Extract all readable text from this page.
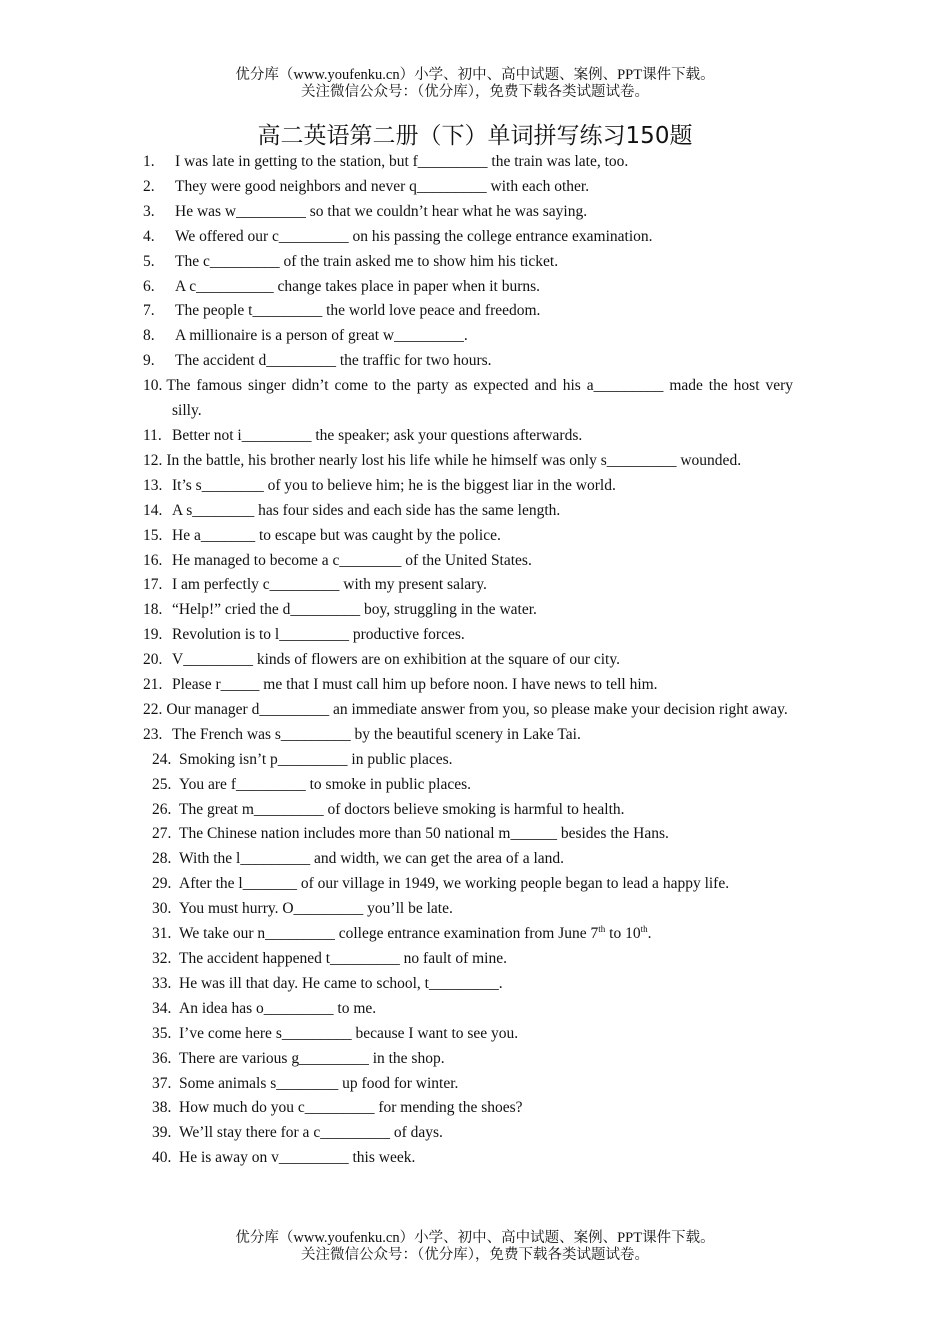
优分库（www.youfenku.cn）小学、初中、高中试题、案例、PPT课件下载。
关注微信公众号：（优分库），免费下载各类试题试卷。
高二英语第二册（下）单词拼写练习150题
1.	I was late in getting to the station, but f_________ the train was late, too.
2.	They were good neighbors and never q_________ with each other.
3.	He was w_________ so that we couldn’t hear what he was saying.
4.	We offered our c_________ on his passing the college entrance examination.
5.	The c_________ of the train asked me to show him his ticket.
6.	A c__________ change takes place in paper when it burns.
7.	The people t_________ the world love peace and freedom.
8.	A millionaire is a person of great w_________.
9.	The accident d_________ the traffic for two hours.
10. The famous singer didn’t come to the party as expected and his a_________ made the host very silly.
11. Better not i_________ the speaker; ask your questions afterwards.
12. In the battle, his brother nearly lost his life while he himself was only s_________ wounded.
13. It’s s________ of you to believe him; he is the biggest liar in the world.
14. A s________ has four sides and each side has the same length.
15. He a_______ to escape but was caught by the police.
16. He managed to become a c________ of the United States.
17. I am perfectly c_________ with my present salary.
18. “Help!” cried the d_________ boy, struggling in the water.
19. Revolution is to l_________ productive forces.
20. V_________ kinds of flowers are on exhibition at the square of our city.
21. Please r_____ me that I must call him up before noon. I have news to tell him.
22. Our manager d_________ an immediate answer from you, so please make your decision right away.
23. The French was s_________ by the beautiful scenery in Lake Tai.
24. Smoking isn’t p_________ in public places.
25. You are f_________ to smoke in public places.
26. The great m_________ of doctors believe smoking is harmful to health.
27. The Chinese nation includes more than 50 national m______ besides the Hans.
28. With the l_________ and width, we can get the area of a land.
29. After the l_______ of our village in 1949, we working people began to lead a happy life.
30. You must hurry. O_________ you’ll be late.
31. We take our n_________ college entrance examination from June 7th to 10th.
32. The accident happened t_________ no fault of mine.
33. He was ill that day. He came to school, t_________.
34. An idea has o_________ to me.
35. I’ve come here s_________ because I want to see you.
36. There are various g_________ in the shop.
37. Some animals s________ up food for winter.
38. How much do you c_________ for mending the shoes?
39. We’ll stay there for a c_________ of days.
40. He is away on v_________ this week.
优分库（www.youfenku.cn）小学、初中、高中试题、案例、PPT课件下载。
关注微信公众号：（优分库），免费下载各类试题试卷。
